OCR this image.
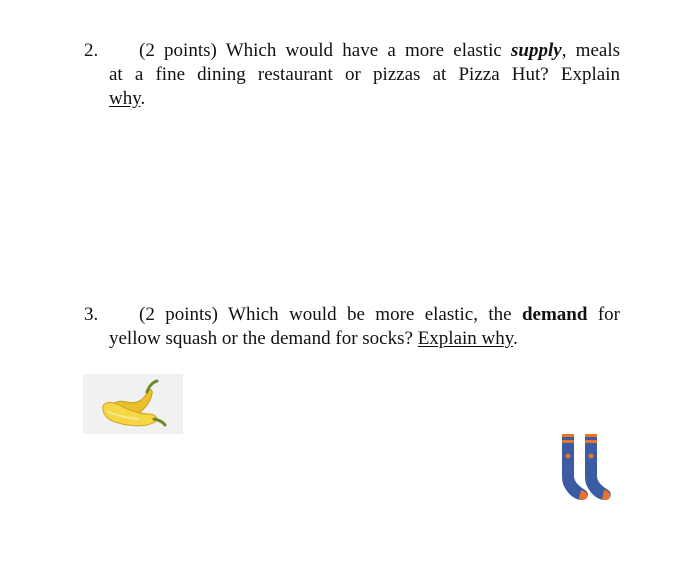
2.	(2 points) Which would have a more elastic supply, meals
at a fine dining restaurant or pizzas at Pizza Hut? Explain
why.
3.	(2 points) Which would be more elastic, the demand for
yellow squash or the demand for socks? Explain why.
